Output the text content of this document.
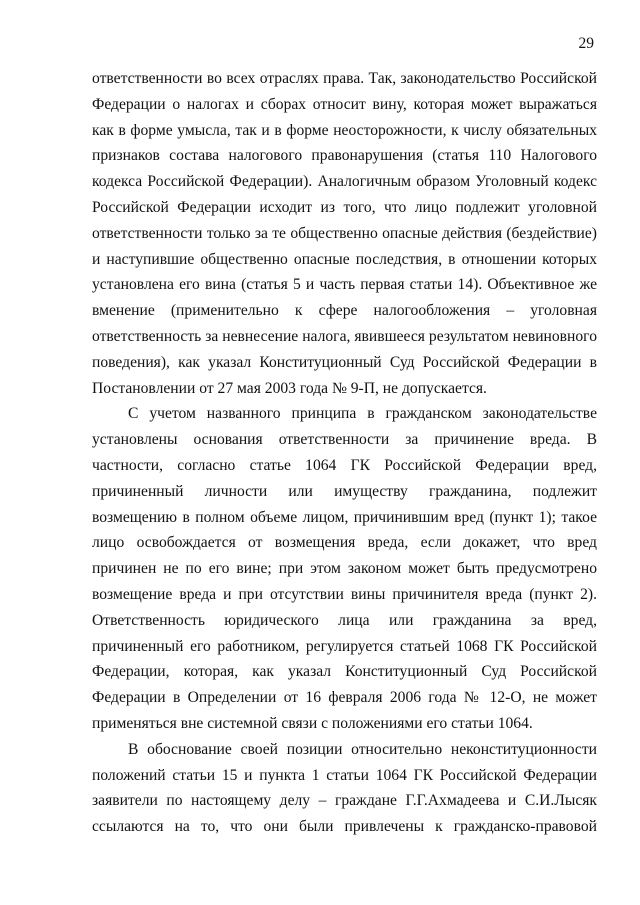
29

ответственности во всех отраслях права. Так, законодательство Российской Федерации о налогах и сборах относит вину, которая может выражаться как в форме умысла, так и в форме неосторожности, к числу обязательных признаков состава налогового правонарушения (статья 110 Налогового кодекса Российской Федерации). Аналогичным образом Уголовный кодекс Российской Федерации исходит из того, что лицо подлежит уголовной ответственности только за те общественно опасные действия (бездействие) и наступившие общественно опасные последствия, в отношении которых установлена его вина (статья 5 и часть первая статьи 14). Объективное же вменение (применительно к сфере налогообложения – уголовная ответственность за невнесение налога, явившееся результатом невиновного поведения), как указал Конституционный Суд Российской Федерации в Постановлении от 27 мая 2003 года № 9-П, не допускается.

С учетом названного принципа в гражданском законодательстве установлены основания ответственности за причинение вреда. В частности, согласно статье 1064 ГК Российской Федерации вред, причиненный личности или имуществу гражданина, подлежит возмещению в полном объеме лицом, причинившим вред (пункт 1); такое лицо освобождается от возмещения вреда, если докажет, что вред причинен не по его вине; при этом законом может быть предусмотрено возмещение вреда и при отсутствии вины причинителя вреда (пункт 2). Ответственность юридического лица или гражданина за вред, причиненный его работником, регулируется статьей 1068 ГК Российской Федерации, которая, как указал Конституционный Суд Российской Федерации в Определении от 16 февраля 2006 года № 12-О, не может применяться вне системной связи с положениями его статьи 1064.

В обоснование своей позиции относительно неконституционности положений статьи 15 и пункта 1 статьи 1064 ГК Российской Федерации заявители по настоящему делу – граждане Г.Г.Ахмадеева и С.И.Лысяк ссылаются на то, что они были привлечены к гражданско-правовой
